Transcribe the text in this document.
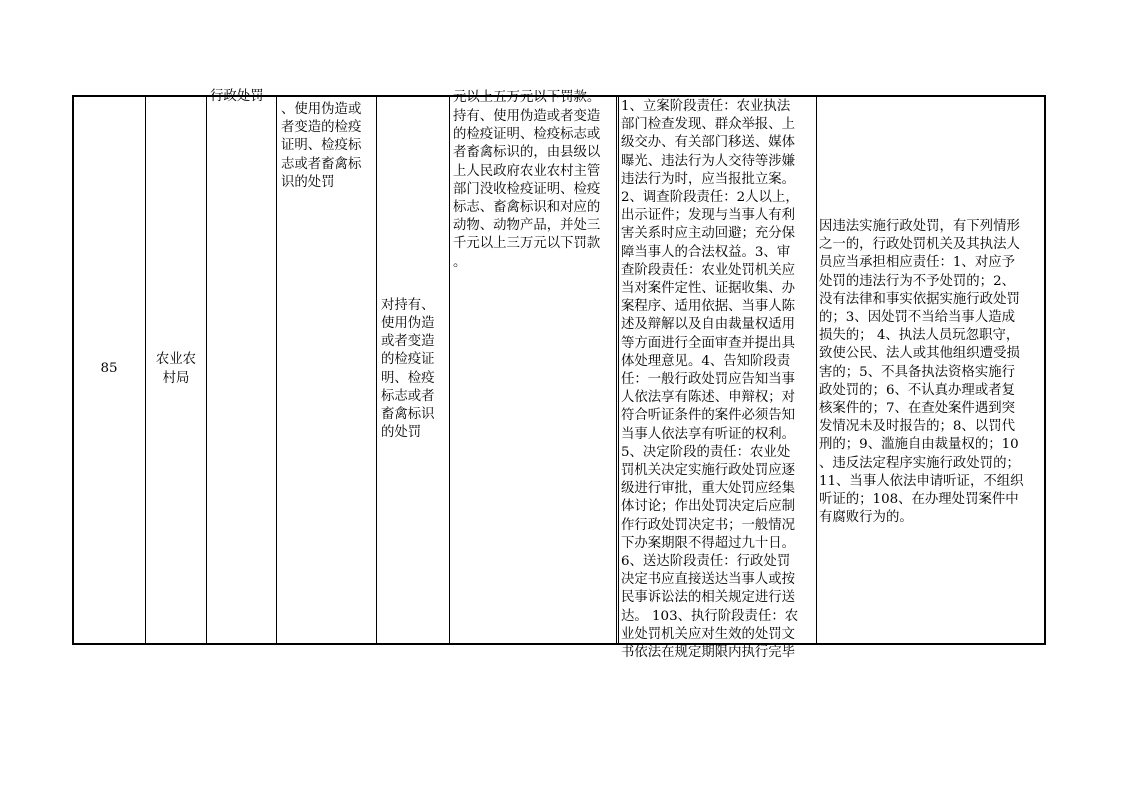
85
农业农
村局
行政处罚
、使用伪造或
者变造的检疫
证明、检疫标
志或者畜禽标
识的处罚
对持有、
使用伪造
或者变造
的检疫证
明、检疫
标志或者
畜禽标识
的处罚
元以上五万元以下罚款。
持有、使用伪造或者变造
的检疫证明、检疫标志或
者畜禽标识的，由县级以
上人民政府农业农村主管
部门没收检疫证明、检疫
标志、畜禽标识和对应的
动物、动物产品，并处三
千元以上三万元以下罚款
。
1、立案阶段责任：农业执法
部门检查发现、群众举报、上
级交办、有关部门移送、媒体
曝光、违法行为人交待等涉嫌
违法行为时，应当报批立案。
2、调查阶段责任：2人以上，
出示证件；发现与当事人有利
害关系时应主动回避；充分保
障当事人的合法权益。3、审
查阶段责任：农业处罚机关应
当对案件定性、证据收集、办
案程序、适用依据、当事人陈
述及辩解以及自由裁量权适用
等方面进行全面审查并提出具
体处理意见。4、告知阶段责
任：一般行政处罚应告知当事
人依法享有陈述、申辩权；对
符合听证条件的案件必须告知
当事人依法享有听证的权利。
5、决定阶段的责任：农业处
罚机关决定实施行政处罚应逐
级进行审批，重大处罚应经集
体讨论；作出处罚决定后应制
作行政处罚决定书；一般情况
下办案期限不得超过九十日。
6、送达阶段责任：行政处罚
决定书应直接送达当事人或按
民事诉讼法的相关规定进行送
达。 103、执行阶段责任：农
业处罚机关应对生效的处罚文
书依法在规定期限内执行完毕
因违法实施行政处罚，有下列情形
之一的，行政处罚机关及其执法人
员应当承担相应责任：1、对应予
处罚的违法行为不予处罚的；2、
没有法律和事实依据实施行政处罚
的；3、因处罚不当给当事人造成
损失的； 4、执法人员玩忽职守，
致使公民、法人或其他组织遭受损
害的；5、不具备执法资格实施行
政处罚的；6、不认真办理或者复
核案件的；7、在查处案件遇到突
发情况未及时报告的；8、以罚代
刑的；9、滥施自由裁量权的；10
、违反法定程序实施行政处罚的；
11、当事人依法申请听证，不组织
听证的；108、在办理处罚案件中
有腐败行为的。
